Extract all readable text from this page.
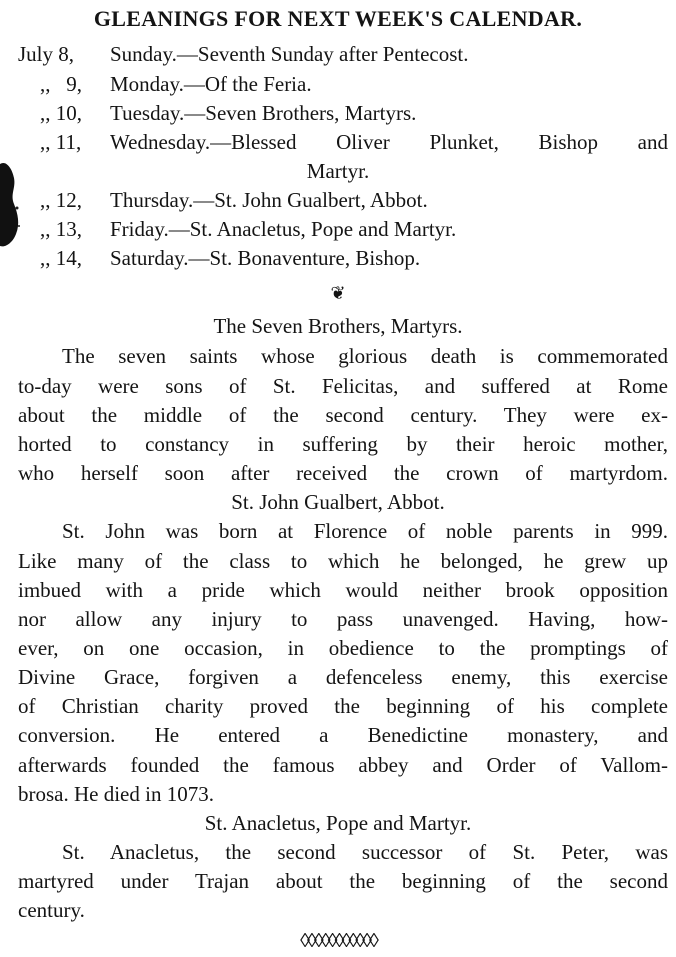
GLEANINGS FOR NEXT WEEK'S CALENDAR.
July 8, Sunday.—Seventh Sunday after Pentecost.
,, 9, Monday.—Of the Feria.
,, 10, Tuesday.—Seven Brothers, Martyrs.
,, 11, Wednesday.—Blessed Oliver Plunket, Bishop and
Martyr.
,, 12, Thursday.—St. John Gualbert, Abbot.
,, 13, Friday.—St. Anacletus, Pope and Martyr.
,, 14, Saturday.—St. Bonaventure, Bishop.
❦
The Seven Brothers, Martyrs.
The seven saints whose glorious death is commemorated
to-day were sons of St. Felicitas, and suffered at Rome
about the middle of the second century. They were ex-
horted to constancy in suffering by their heroic mother,
who herself soon after received the crown of martyrdom.
St. John Gualbert, Abbot.
St. John was born at Florence of noble parents in 999.
Like many of the class to which he belonged, he grew up
imbued with a pride which would neither brook opposition
nor allow any injury to pass unavenged. Having, how-
ever, on one occasion, in obedience to the promptings of
Divine Grace, forgiven a defenceless enemy, this exercise
of Christian charity proved the beginning of his complete
conversion. He entered a Benedictine monastery, and
afterwards founded the famous abbey and Order of Vallom-
brosa. He died in 1073.
St. Anacletus, Pope and Martyr.
St. Anacletus, the second successor of St. Peter, was
martyred under Trajan about the beginning of the second
century.
◊◊◊◊◊◊◊◊◊◊◊
